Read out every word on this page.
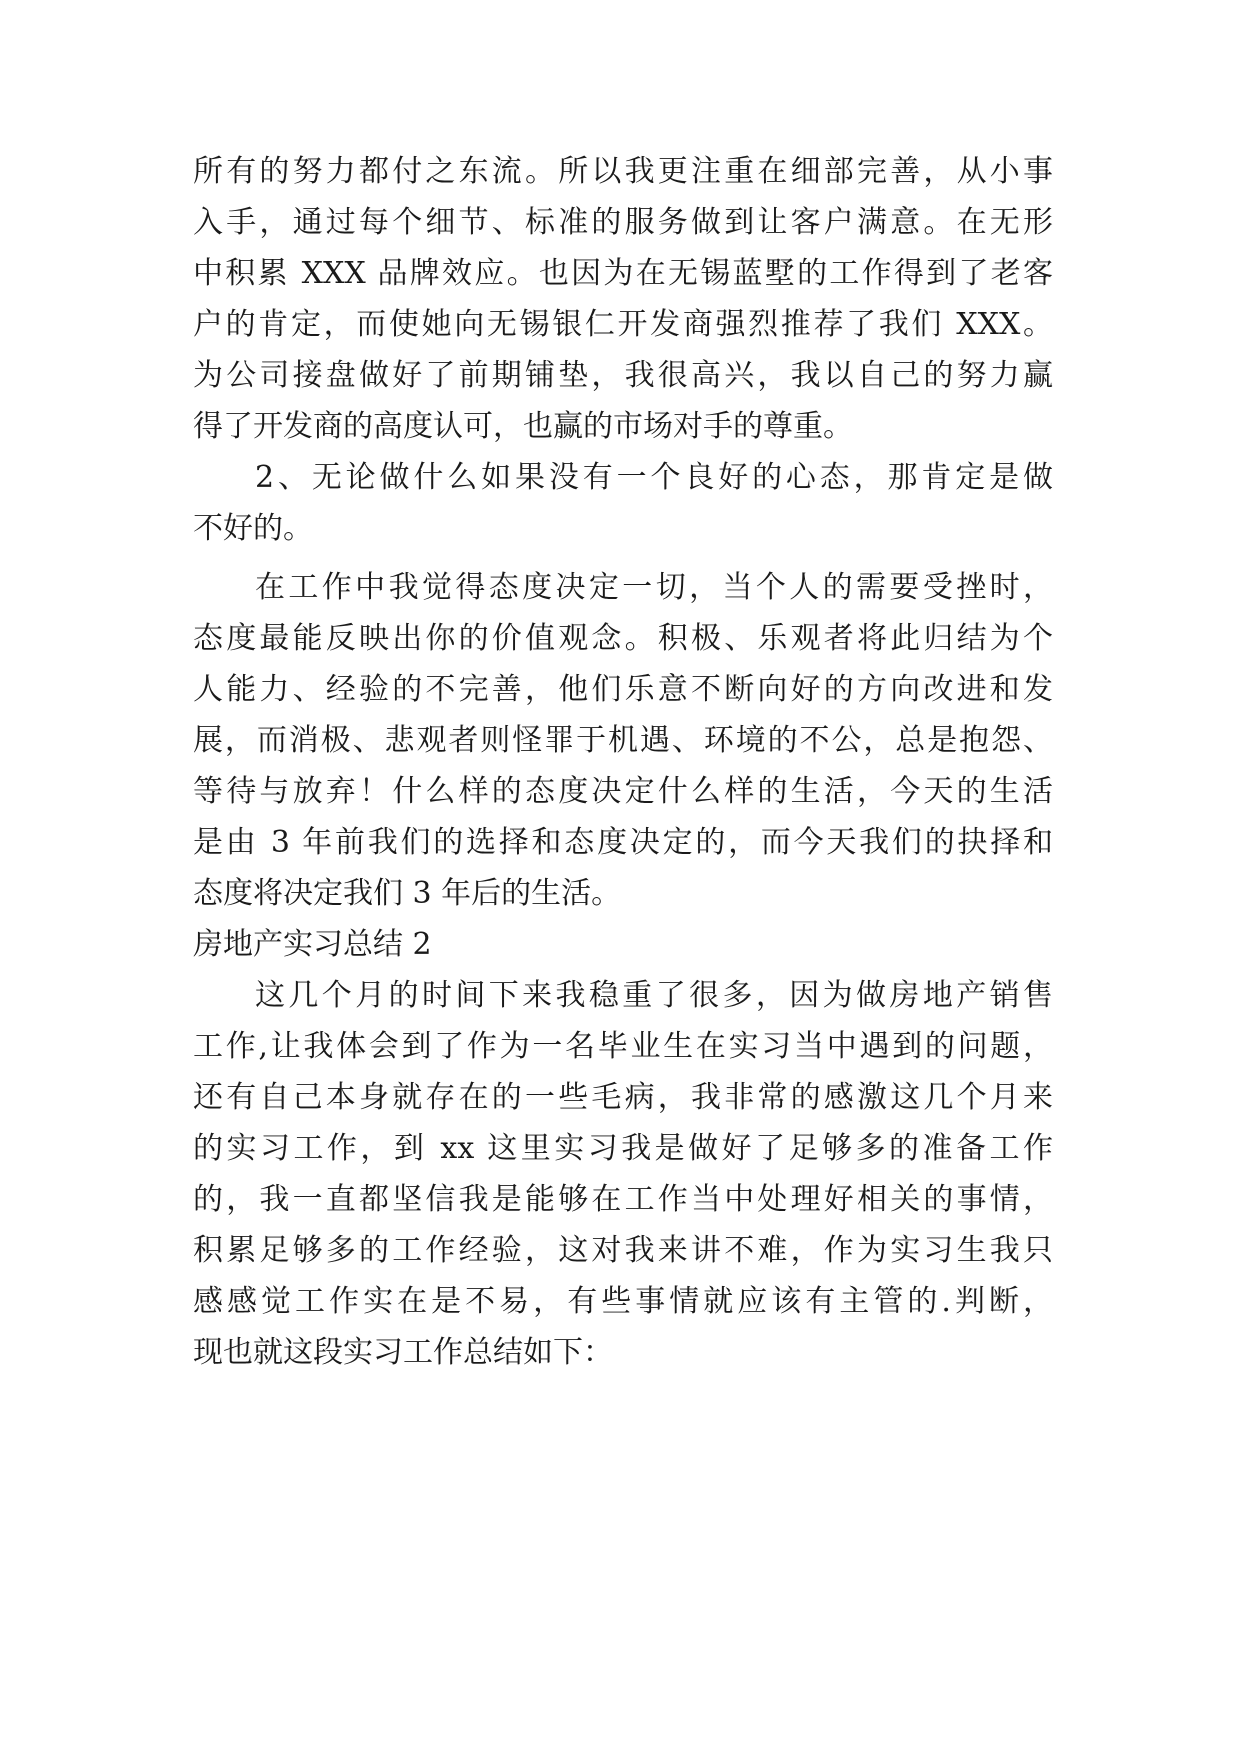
所有的努力都付之东流。所以我更注重在细部完善，从小事
入手，通过每个细节、标准的服务做到让客户满意。在无形
中积累 XXX 品牌效应。也因为在无锡蓝墅的工作得到了老客
户的肯定，而使她向无锡银仁开发商强烈推荐了我们 XXX。
为公司接盘做好了前期铺垫，我很高兴，我以自己的努力赢
得了开发商的高度认可，也赢的市场对手的尊重。
2、无论做什么如果没有一个良好的心态，那肯定是做
不好的。
在工作中我觉得态度决定一切，当个人的需要受挫时，
态度最能反映出你的价值观念。积极、乐观者将此归结为个
人能力、经验的不完善，他们乐意不断向好的方向改进和发
展，而消极、悲观者则怪罪于机遇、环境的不公，总是抱怨、
等待与放弃！什么样的态度决定什么样的生活，今天的生活
是由 3 年前我们的选择和态度决定的，而今天我们的抉择和
态度将决定我们 3 年后的生活。
房地产实习总结 2
这几个月的时间下来我稳重了很多，因为做房地产销售
工作,让我体会到了作为一名毕业生在实习当中遇到的问题，
还有自己本身就存在的一些毛病，我非常的感激这几个月来
的实习工作，到 xx 这里实习我是做好了足够多的准备工作
的，我一直都坚信我是能够在工作当中处理好相关的事情，
积累足够多的工作经验，这对我来讲不难，作为实习生我只
感感觉工作实在是不易，有些事情就应该有主管的.判断，
现也就这段实习工作总结如下：
